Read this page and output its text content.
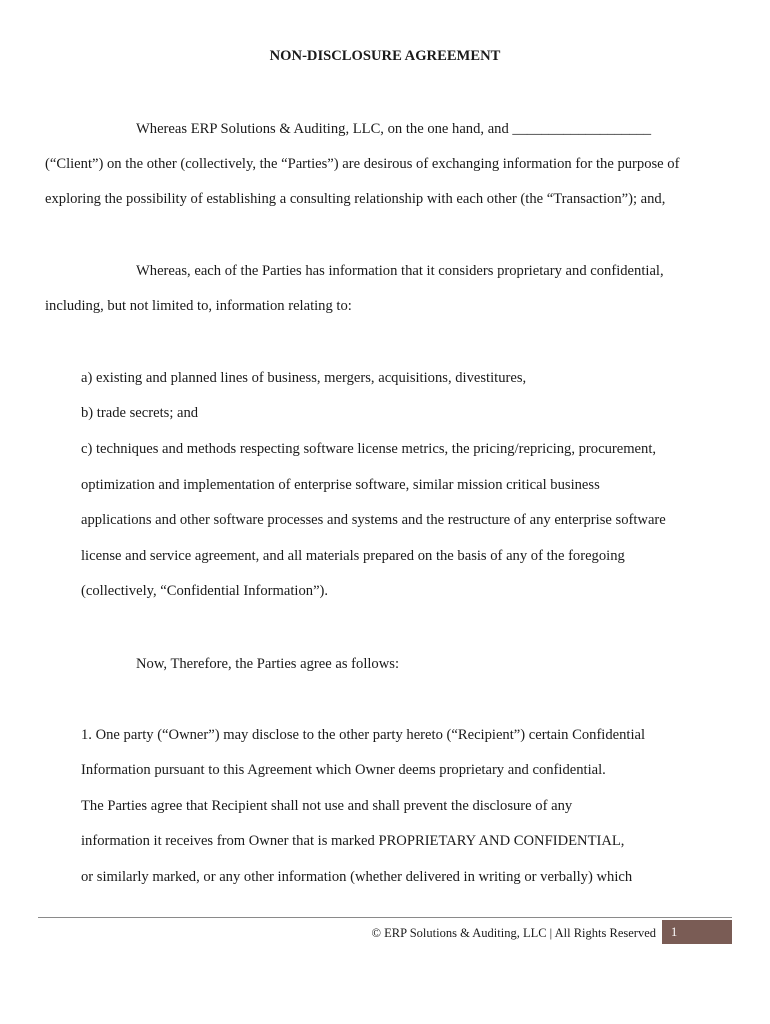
NON-DISCLOSURE AGREEMENT
Whereas ERP Solutions & Auditing, LLC, on the one hand, and ___________________
(“Client”) on the other (collectively, the “Parties”) are desirous of exchanging information for the purpose of
exploring the possibility of establishing a consulting relationship with each other (the “Transaction”); and,
Whereas, each of the Parties has information that it considers proprietary and confidential,
including, but not limited to, information relating to:
a) existing and planned lines of business, mergers, acquisitions, divestitures,
b) trade secrets; and
c) techniques and methods respecting software license metrics, the pricing/repricing, procurement,
optimization and implementation of enterprise software, similar mission critical business
applications and other software processes and systems and the restructure of any enterprise software
license and service agreement, and all materials prepared on the basis of any of the foregoing
(collectively, “Confidential Information”).
Now, Therefore, the Parties agree as follows:
1. One party (“Owner”) may disclose to the other party hereto (“Recipient”) certain Confidential
Information pursuant to this Agreement which Owner deems proprietary and confidential.
The Parties agree that Recipient shall not use and shall prevent the disclosure of any
information it receives from Owner that is marked PROPRIETARY AND CONFIDENTIAL,
or similarly marked, or any other information (whether delivered in writing or verbally) which
© ERP Solutions & Auditing, LLC | All Rights Reserved	1
